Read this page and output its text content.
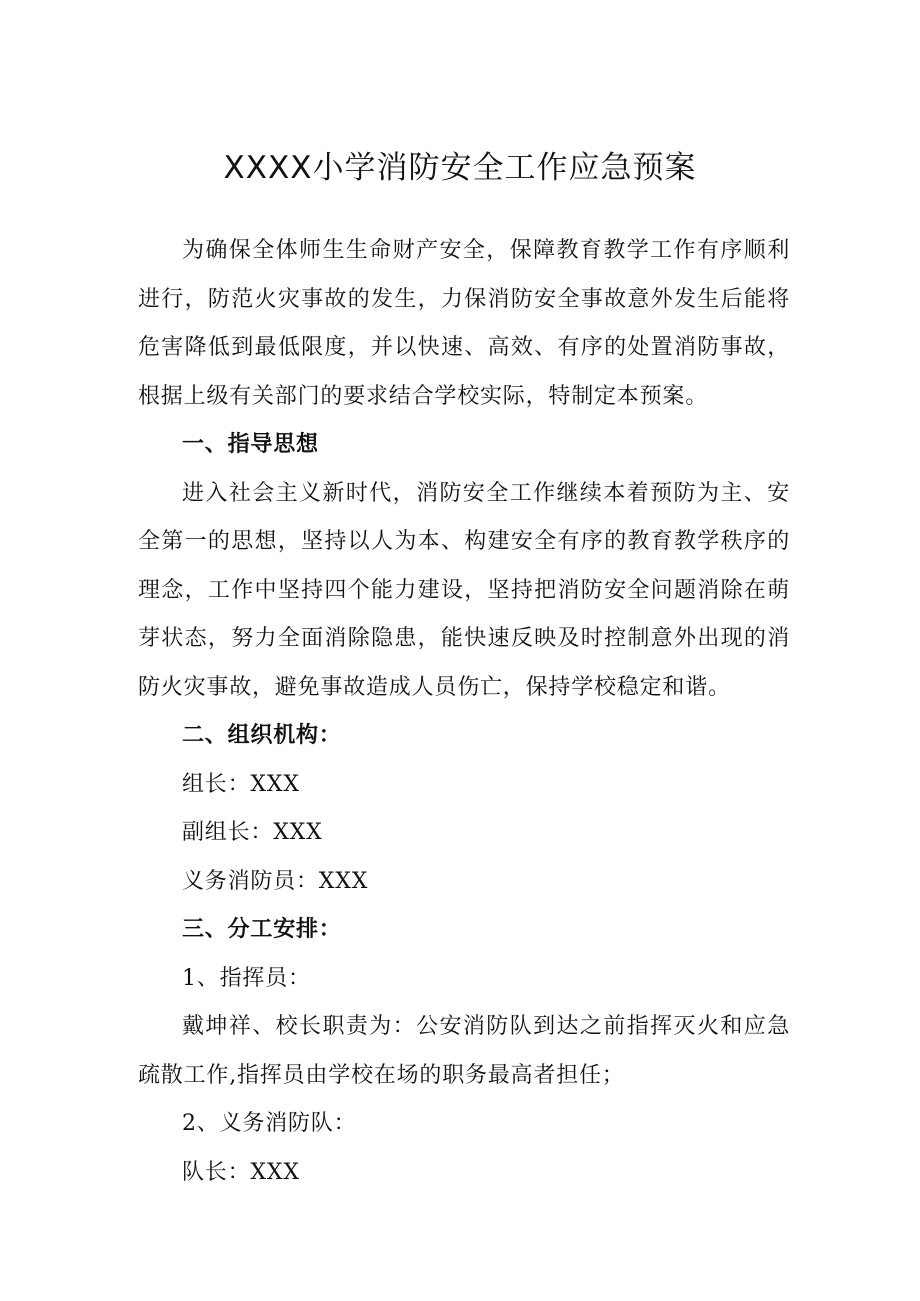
XXXX小学消防安全工作应急预案

为确保全体师生生命财产安全，保障教育教学工作有序顺利进行，防范火灾事故的发生，力保消防安全事故意外发生后能将危害降低到最低限度，并以快速、高效、有序的处置消防事故，根据上级有关部门的要求结合学校实际，特制定本预案。

一、指导思想

进入社会主义新时代，消防安全工作继续本着预防为主、安全第一的思想，坚持以人为本、构建安全有序的教育教学秩序的理念，工作中坚持四个能力建设，坚持把消防安全问题消除在萌芽状态，努力全面消除隐患，能快速反映及时控制意外出现的消防火灾事故，避免事故造成人员伤亡，保持学校稳定和谐。

二、组织机构：

组长：XXX

副组长：XXX

义务消防员：XXX

三、分工安排：

1、指挥员：

戴坤祥、校长职责为：公安消防队到达之前指挥灭火和应急疏散工作,指挥员由学校在场的职务最高者担任；

2、义务消防队：

队长：XXX
